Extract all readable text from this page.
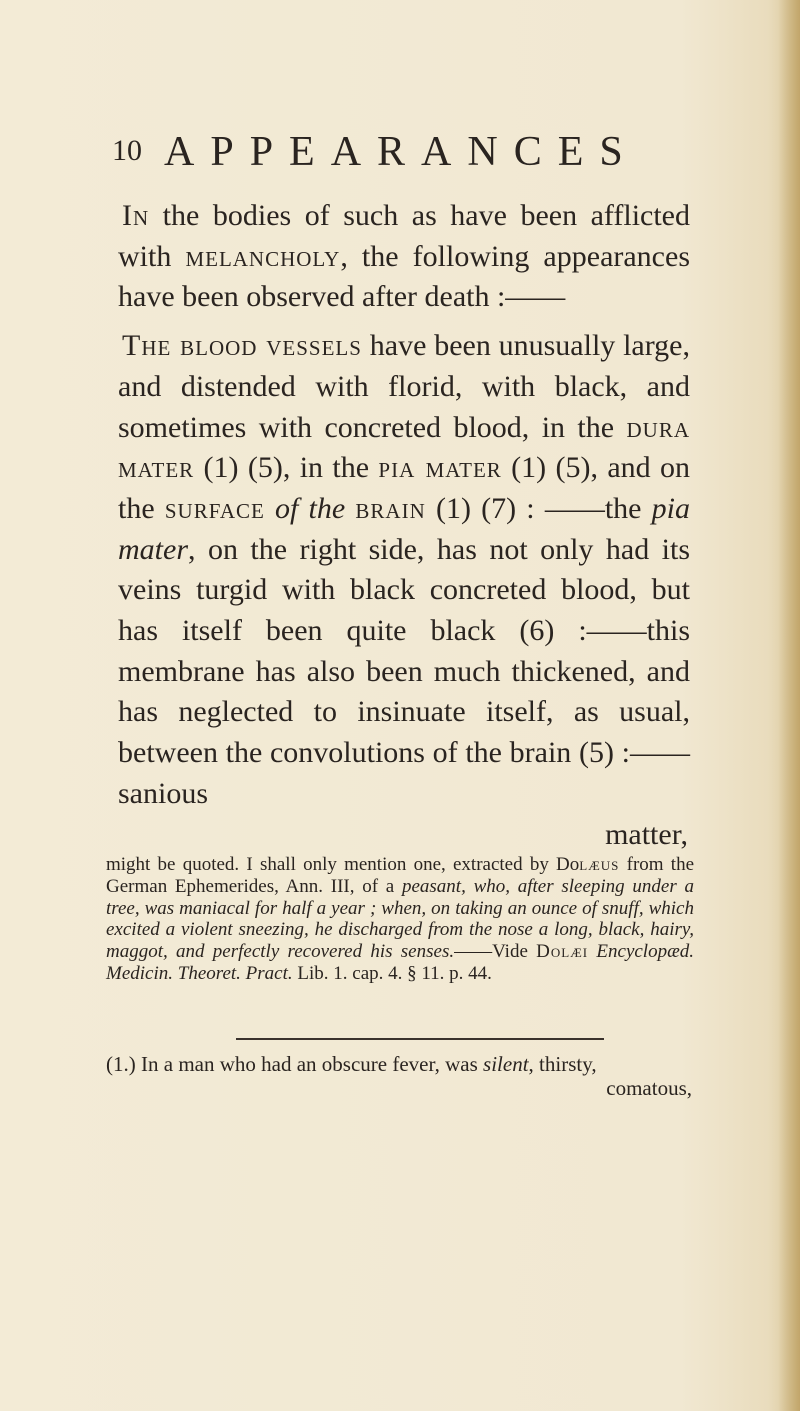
10 APPEARANCES

In the bodies of such as have been afflicted with melancholy, the following appearances have been observed after death :——

The blood vessels have been unusually large, and distended with florid, with black, and sometimes with concreted blood, in the dura mater (1) (5), in the pia mater (1) (5), and on the surface of the brain (1) (7) : ——the pia mater, on the right side, has not only had its veins turgid with black concreted blood, but has itself been quite black (6) :——this membrane has also been much thickened, and has neglected to insinuate itself, as usual, between the convolutions of the brain (5) :——sanious

matter,
might be quoted. I shall only mention one, extracted by Dolæus from the German Ephemerides, Ann. III, of a peasant, who, after sleeping under a tree, was maniacal for half a year ; when, on taking an ounce of snuff, which excited a violent sneezing, he discharged from the nose a long, black, hairy, maggot, and perfectly recovered his senses.——Vide Dolæi Encyclopæd. Medicin. Theoret. Pract. Lib. 1. cap. 4. § 11. p. 44.
(1.) In a man who had an obscure fever, was silent, thirsty,
comatous,
